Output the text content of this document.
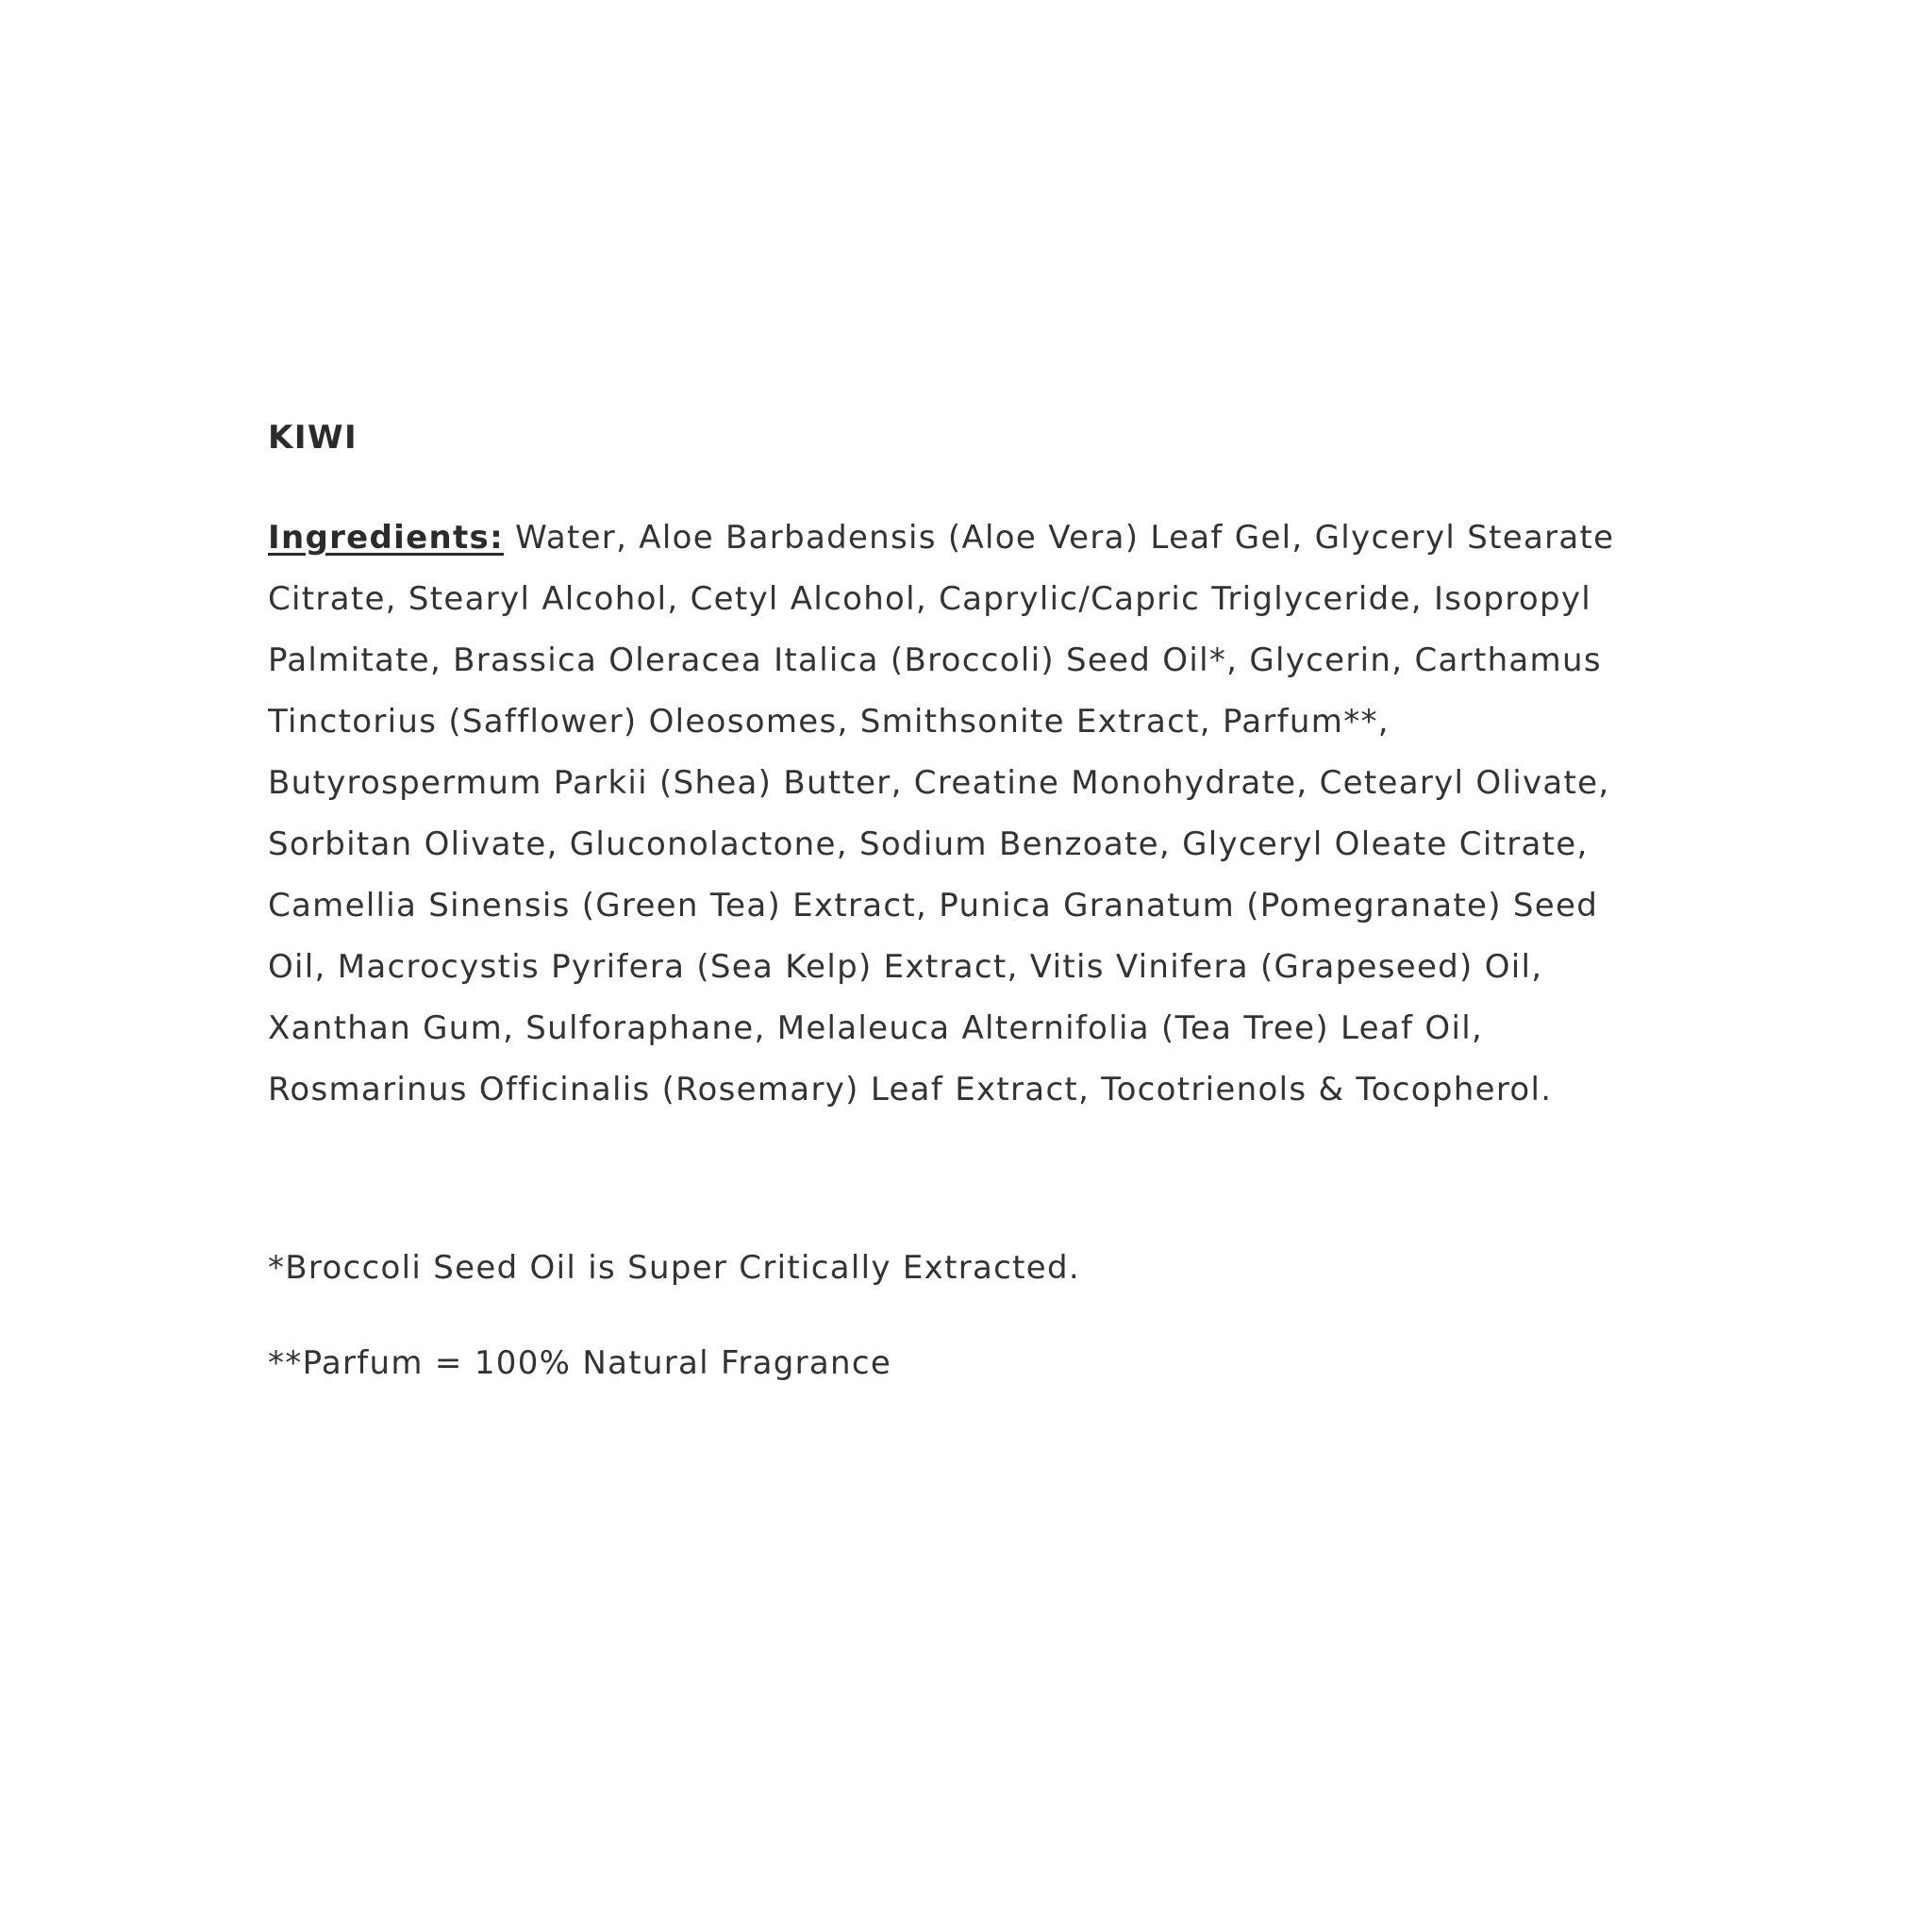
KIWI

Ingredients: Water, Aloe Barbadensis (Aloe Vera) Leaf Gel, Glyceryl Stearate Citrate, Stearyl Alcohol, Cetyl Alcohol, Caprylic/Capric Triglyceride, Isopropyl Palmitate, Brassica Oleracea Italica (Broccoli) Seed Oil*, Glycerin, Carthamus Tinctorius (Safflower) Oleosomes, Smithsonite Extract, Parfum**, Butyrospermum Parkii (Shea) Butter, Creatine Monohydrate, Cetearyl Olivate, Sorbitan Olivate, Gluconolactone, Sodium Benzoate, Glyceryl Oleate Citrate, Camellia Sinensis (Green Tea) Extract, Punica Granatum (Pomegranate) Seed Oil, Macrocystis Pyrifera (Sea Kelp) Extract, Vitis Vinifera (Grapeseed) Oil, Xanthan Gum, Sulforaphane, Melaleuca Alternifolia (Tea Tree) Leaf Oil, Rosmarinus Officinalis (Rosemary) Leaf Extract, Tocotrienols & Tocopherol.

*Broccoli Seed Oil is Super Critically Extracted.

**Parfum = 100% Natural Fragrance
